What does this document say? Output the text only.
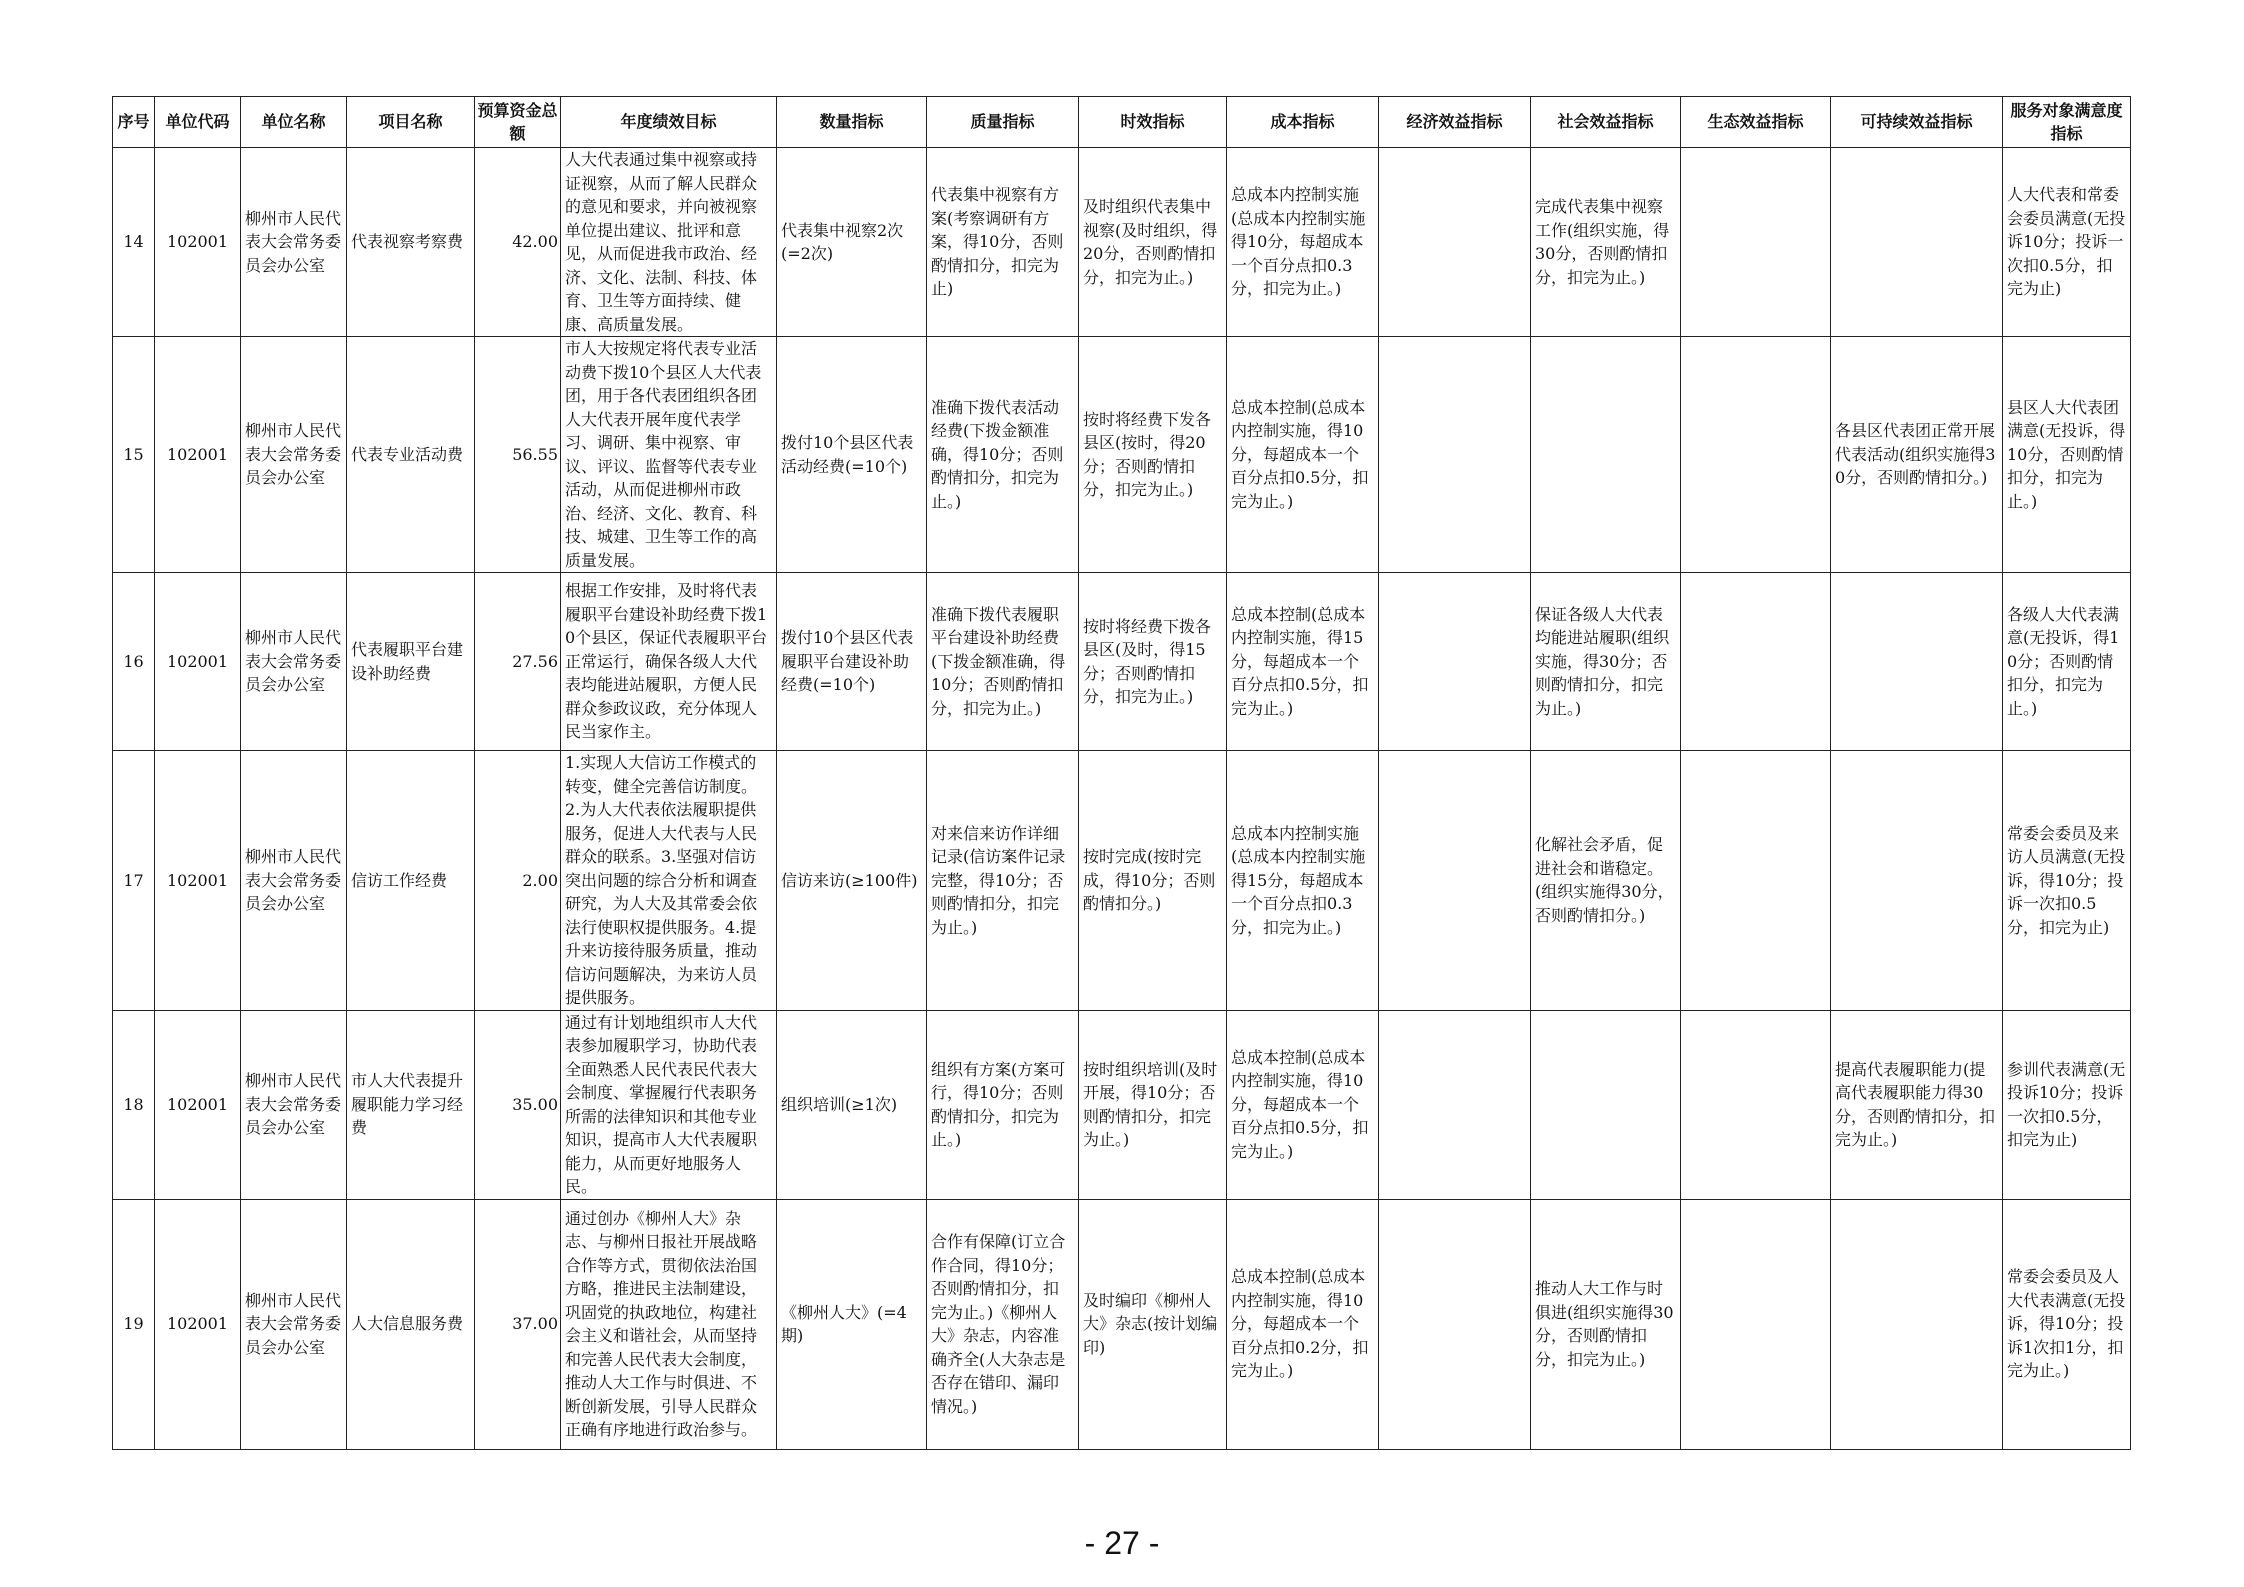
序号	单位代码	单位名称	项目名称	预算资金总额	年度绩效目标	数量指标	质量指标	时效指标	成本指标	经济效益指标	社会效益指标	生态效益指标	可持续效益指标	服务对象满意度指标
14	102001	柳州市人民代表大会常务委员会办公室	代表视察考察费	42.00	人大代表通过集中视察或持证视察，从而了解人民群众的意见和要求，并向被视察单位提出建议、批评和意见，从而促进我市政治、经济、文化、法制、科技、体育、卫生等方面持续、健康、高质量发展。	代表集中视察2次(=2次)	代表集中视察有方案(考察调研有方案，得10分，否则酌情扣分，扣完为止)	及时组织代表集中视察(及时组织，得20分，否则酌情扣分，扣完为止。)	总成本内控制实施(总成本内控制实施得10分，每超成本一个百分点扣0.3分，扣完为止。)		完成代表集中视察工作(组织实施，得30分，否则酌情扣分，扣完为止。)			人大代表和常委会委员满意(无投诉10分；投诉一次扣0.5分，扣完为止)
15	102001	柳州市人民代表大会常务委员会办公室	代表专业活动费	56.55	市人大按规定将代表专业活动费下拨10个县区人大代表团，用于各代表团组织各团人大代表开展年度代表学习、调研、集中视察、审议、评议、监督等代表专业活动，从而促进柳州市政治、经济、文化、教育、科技、城建、卫生等工作的高质量发展。	拨付10个县区代表活动经费(=10个)	准确下拨代表活动经费(下拨金额准确，得10分；否则酌情扣分，扣完为止。)	按时将经费下发各县区(按时，得20分；否则酌情扣分，扣完为止。)	总成本控制(总成本内控制实施，得10分，每超成本一个百分点扣0.5分，扣完为止。)				各县区代表团正常开展代表活动(组织实施得30分，否则酌情扣分。)	县区人大代表团满意(无投诉，得10分，否则酌情扣分，扣完为止。)
16	102001	柳州市人民代表大会常务委员会办公室	代表履职平台建设补助经费	27.56	根据工作安排，及时将代表履职平台建设补助经费下拨10个县区，保证代表履职平台正常运行，确保各级人大代表均能进站履职，方便人民群众参政议政，充分体现人民当家作主。	拨付10个县区代表履职平台建设补助经费(=10个)	准确下拨代表履职平台建设补助经费(下拨金额准确，得10分；否则酌情扣分，扣完为止。)	按时将经费下拨各县区(及时，得15分；否则酌情扣分，扣完为止。)	总成本控制(总成本内控制实施，得15分，每超成本一个百分点扣0.5分，扣完为止。)		保证各级人大代表均能进站履职(组织实施，得30分；否则酌情扣分，扣完为止。)			各级人大代表满意(无投诉，得10分；否则酌情扣分，扣完为止。)
17	102001	柳州市人民代表大会常务委员会办公室	信访工作经费	2.00	1.实现人大信访工作模式的转变，健全完善信访制度。2.为人大代表依法履职提供服务，促进人大代表与人民群众的联系。3.坚强对信访突出问题的综合分析和调查研究，为人大及其常委会依法行使职权提供服务。4.提升来访接待服务质量，推动信访问题解决，为来访人员提供服务。	信访来访(≥100件)	对来信来访作详细记录(信访案件记录完整，得10分；否则酌情扣分，扣完为止。)	按时完成(按时完成，得10分；否则酌情扣分。)	总成本内控制实施(总成本内控制实施得15分，每超成本一个百分点扣0.3分，扣完为止。)		化解社会矛盾，促进社会和谐稳定。(组织实施得30分，否则酌情扣分。)			常委会委员及来访人员满意(无投诉，得10分；投诉一次扣0.5分，扣完为止)
18	102001	柳州市人民代表大会常务委员会办公室	市人大代表提升履职能力学习经费	35.00	通过有计划地组织市人大代表参加履职学习，协助代表全面熟悉人民代表民代表大会制度、掌握履行代表职务所需的法律知识和其他专业知识，提高市人大代表履职能力，从而更好地服务人民。	组织培训(≥1次)	组织有方案(方案可行，得10分；否则酌情扣分，扣完为止。)	按时组织培训(及时开展，得10分；否则酌情扣分，扣完为止。)	总成本控制(总成本内控制实施，得10分，每超成本一个百分点扣0.5分，扣完为止。)				提高代表履职能力(提高代表履职能力得30分，否则酌情扣分，扣完为止。)	参训代表满意(无投诉10分；投诉一次扣0.5分，扣完为止)
19	102001	柳州市人民代表大会常务委员会办公室	人大信息服务费	37.00	通过创办《柳州人大》杂志、与柳州日报社开展战略合作等方式，贯彻依法治国方略，推进民主法制建设，巩固党的执政地位，构建社会主义和谐社会，从而坚持和完善人民代表大会制度，推动人大工作与时俱进、不断创新发展，引导人民群众正确有序地进行政治参与。	《柳州人大》(=4期)	合作有保障(订立合作合同，得10分；否则酌情扣分，扣完为止。)《柳州人大》杂志，内容准确齐全(人大杂志是否存在错印、漏印情况。)	及时编印《柳州人大》杂志(按计划编印)	总成本控制(总成本内控制实施，得10分，每超成本一个百分点扣0.2分，扣完为止。)		推动人大工作与时俱进(组织实施得30分，否则酌情扣分，扣完为止。)			常委会委员及人大代表满意(无投诉，得10分；投诉1次扣1分，扣完为止。)
- 27 -
